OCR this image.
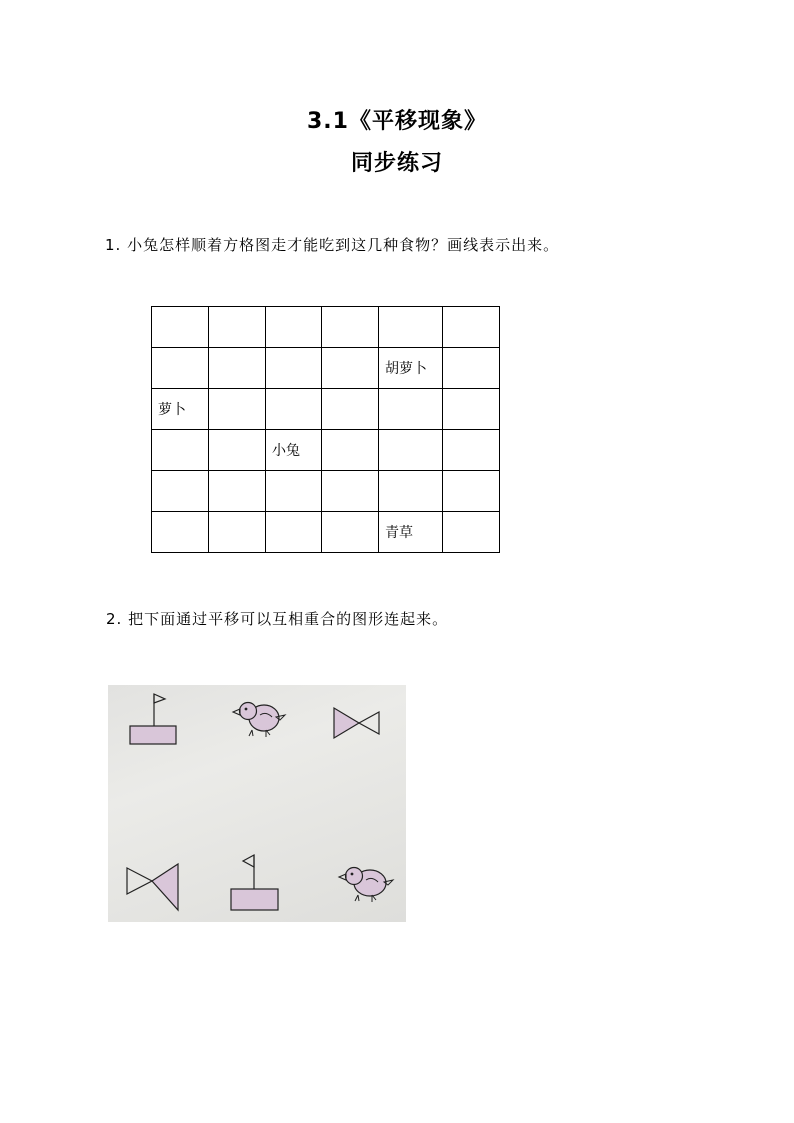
3.1《平移现象》
同步练习
1. 小兔怎样顺着方格图走才能吃到这几种食物？画线表示出来。

				胡萝卜	
萝卜					
		小兔			

				青草	
2. 把下面通过平移可以互相重合的图形连起来。
